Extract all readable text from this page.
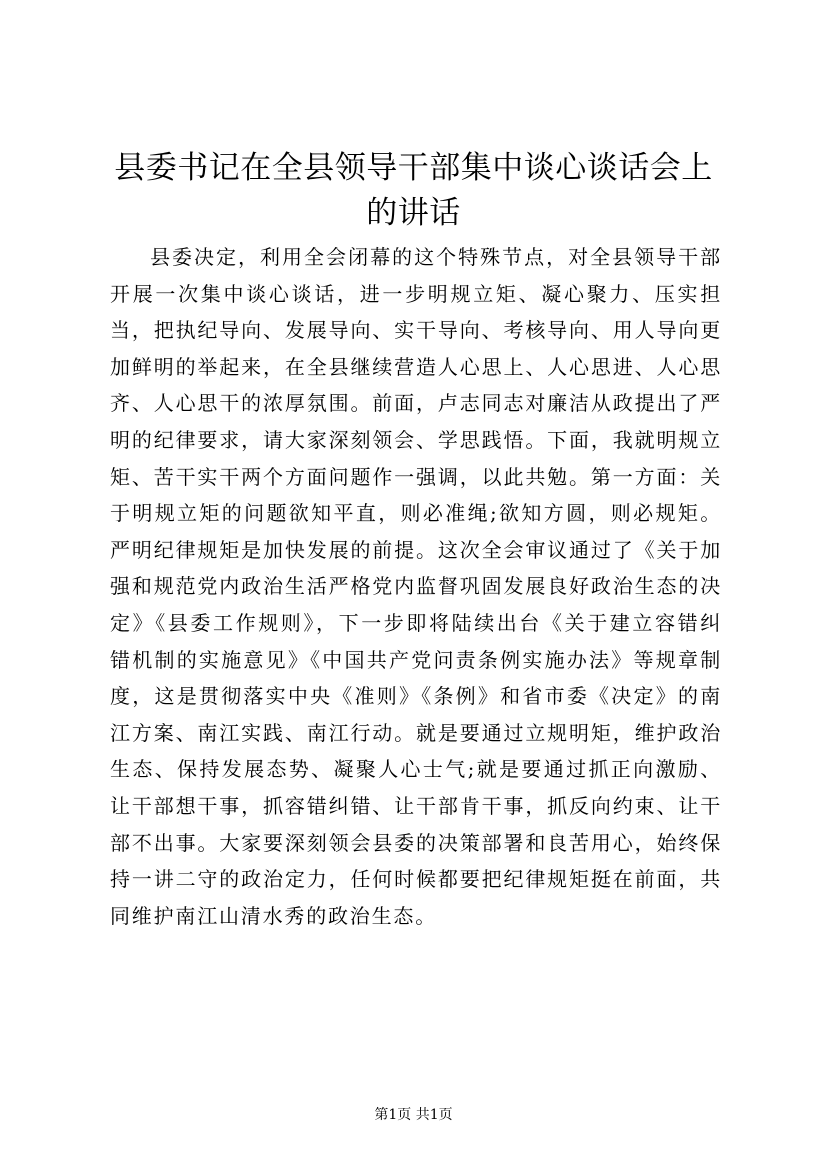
县委书记在全县领导干部集中谈心谈话会上的讲话

县委决定，利用全会闭幕的这个特殊节点，对全县领导干部开展一次集中谈心谈话，进一步明规立矩、凝心聚力、压实担当，把执纪导向、发展导向、实干导向、考核导向、用人导向更加鲜明的举起来，在全县继续营造人心思上、人心思进、人心思齐、人心思干的浓厚氛围。前面，卢志同志对廉洁从政提出了严明的纪律要求，请大家深刻领会、学思践悟。下面，我就明规立矩、苦干实干两个方面问题作一强调，以此共勉。第一方面：关于明规立矩的问题欲知平直，则必准绳;欲知方圆，则必规矩。严明纪律规矩是加快发展的前提。这次全会审议通过了《关于加强和规范党内政治生活严格党内监督巩固发展良好政治生态的决定》《县委工作规则》，下一步即将陆续出台《关于建立容错纠错机制的实施意见》《中国共产党问责条例实施办法》等规章制度，这是贯彻落实中央《准则》《条例》和省市委《决定》的南江方案、南江实践、南江行动。就是要通过立规明矩，维护政治生态、保持发展态势、凝聚人心士气;就是要通过抓正向激励、让干部想干事，抓容错纠错、让干部肯干事，抓反向约束、让干部不出事。大家要深刻领会县委的决策部署和良苦用心，始终保持一讲二守的政治定力，任何时候都要把纪律规矩挺在前面，共同维护南江山清水秀的政治生态。

第1页 共1页
